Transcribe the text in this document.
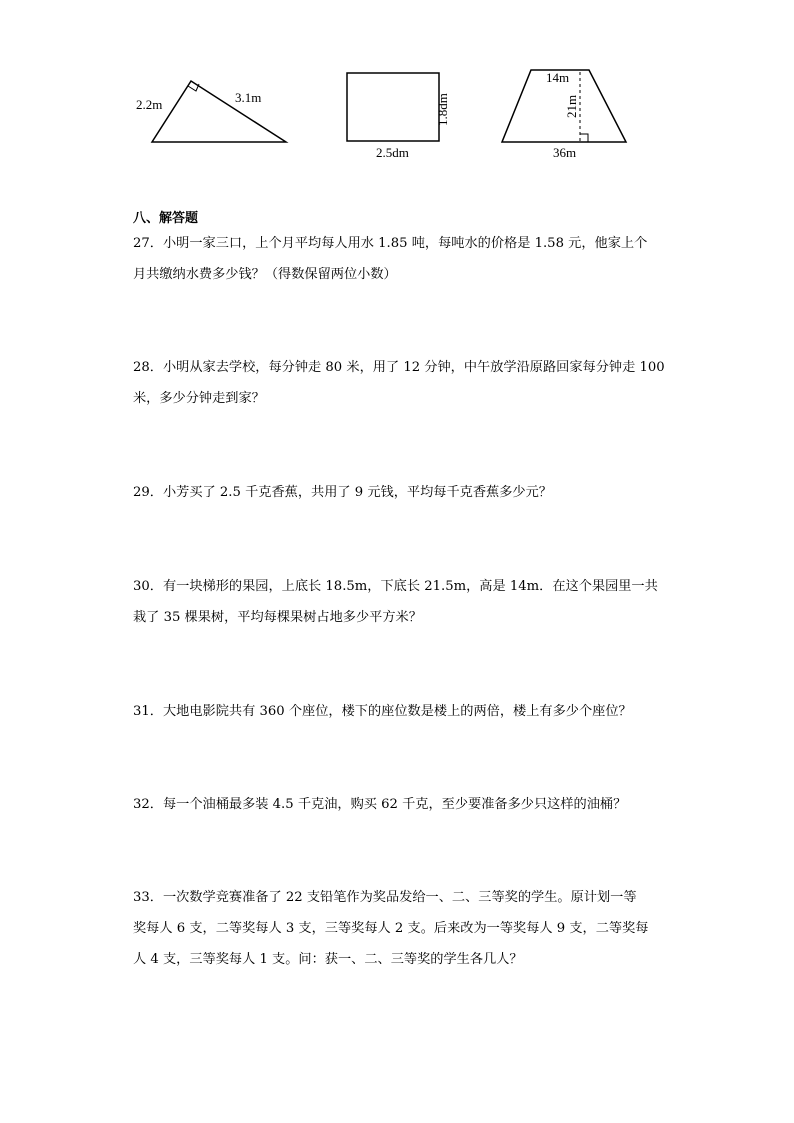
2.2m	3.1m
2.5dm
1.8dm
14m
21m
36m
八、解答题
27．小明一家三口，上个月平均每人用水 1.85 吨，每吨水的价格是 1.58 元，他家上个
月共缴纳水费多少钱？（得数保留两位小数）
28．小明从家去学校，每分钟走 80 米，用了 12 分钟，中午放学沿原路回家每分钟走 100
米，多少分钟走到家？
29．小芳买了 2.5 千克香蕉，共用了 9 元钱，平均每千克香蕉多少元？
30．有一块梯形的果园，上底长 18.5m，下底长 21.5m，高是 14m．在这个果园里一共
栽了 35 棵果树，平均每棵果树占地多少平方米？
31．大地电影院共有 360 个座位，楼下的座位数是楼上的两倍，楼上有多少个座位？
32．每一个油桶最多装 4.5 千克油，购买 62 千克，至少要准备多少只这样的油桶？
33．一次数学竞赛准备了 22 支铅笔作为奖品发给一、二、三等奖的学生。原计划一等
奖每人 6 支，二等奖每人 3 支，三等奖每人 2 支。后来改为一等奖每人 9 支，二等奖每
人 4 支，三等奖每人 1 支。问：获一、二、三等奖的学生各几人？
